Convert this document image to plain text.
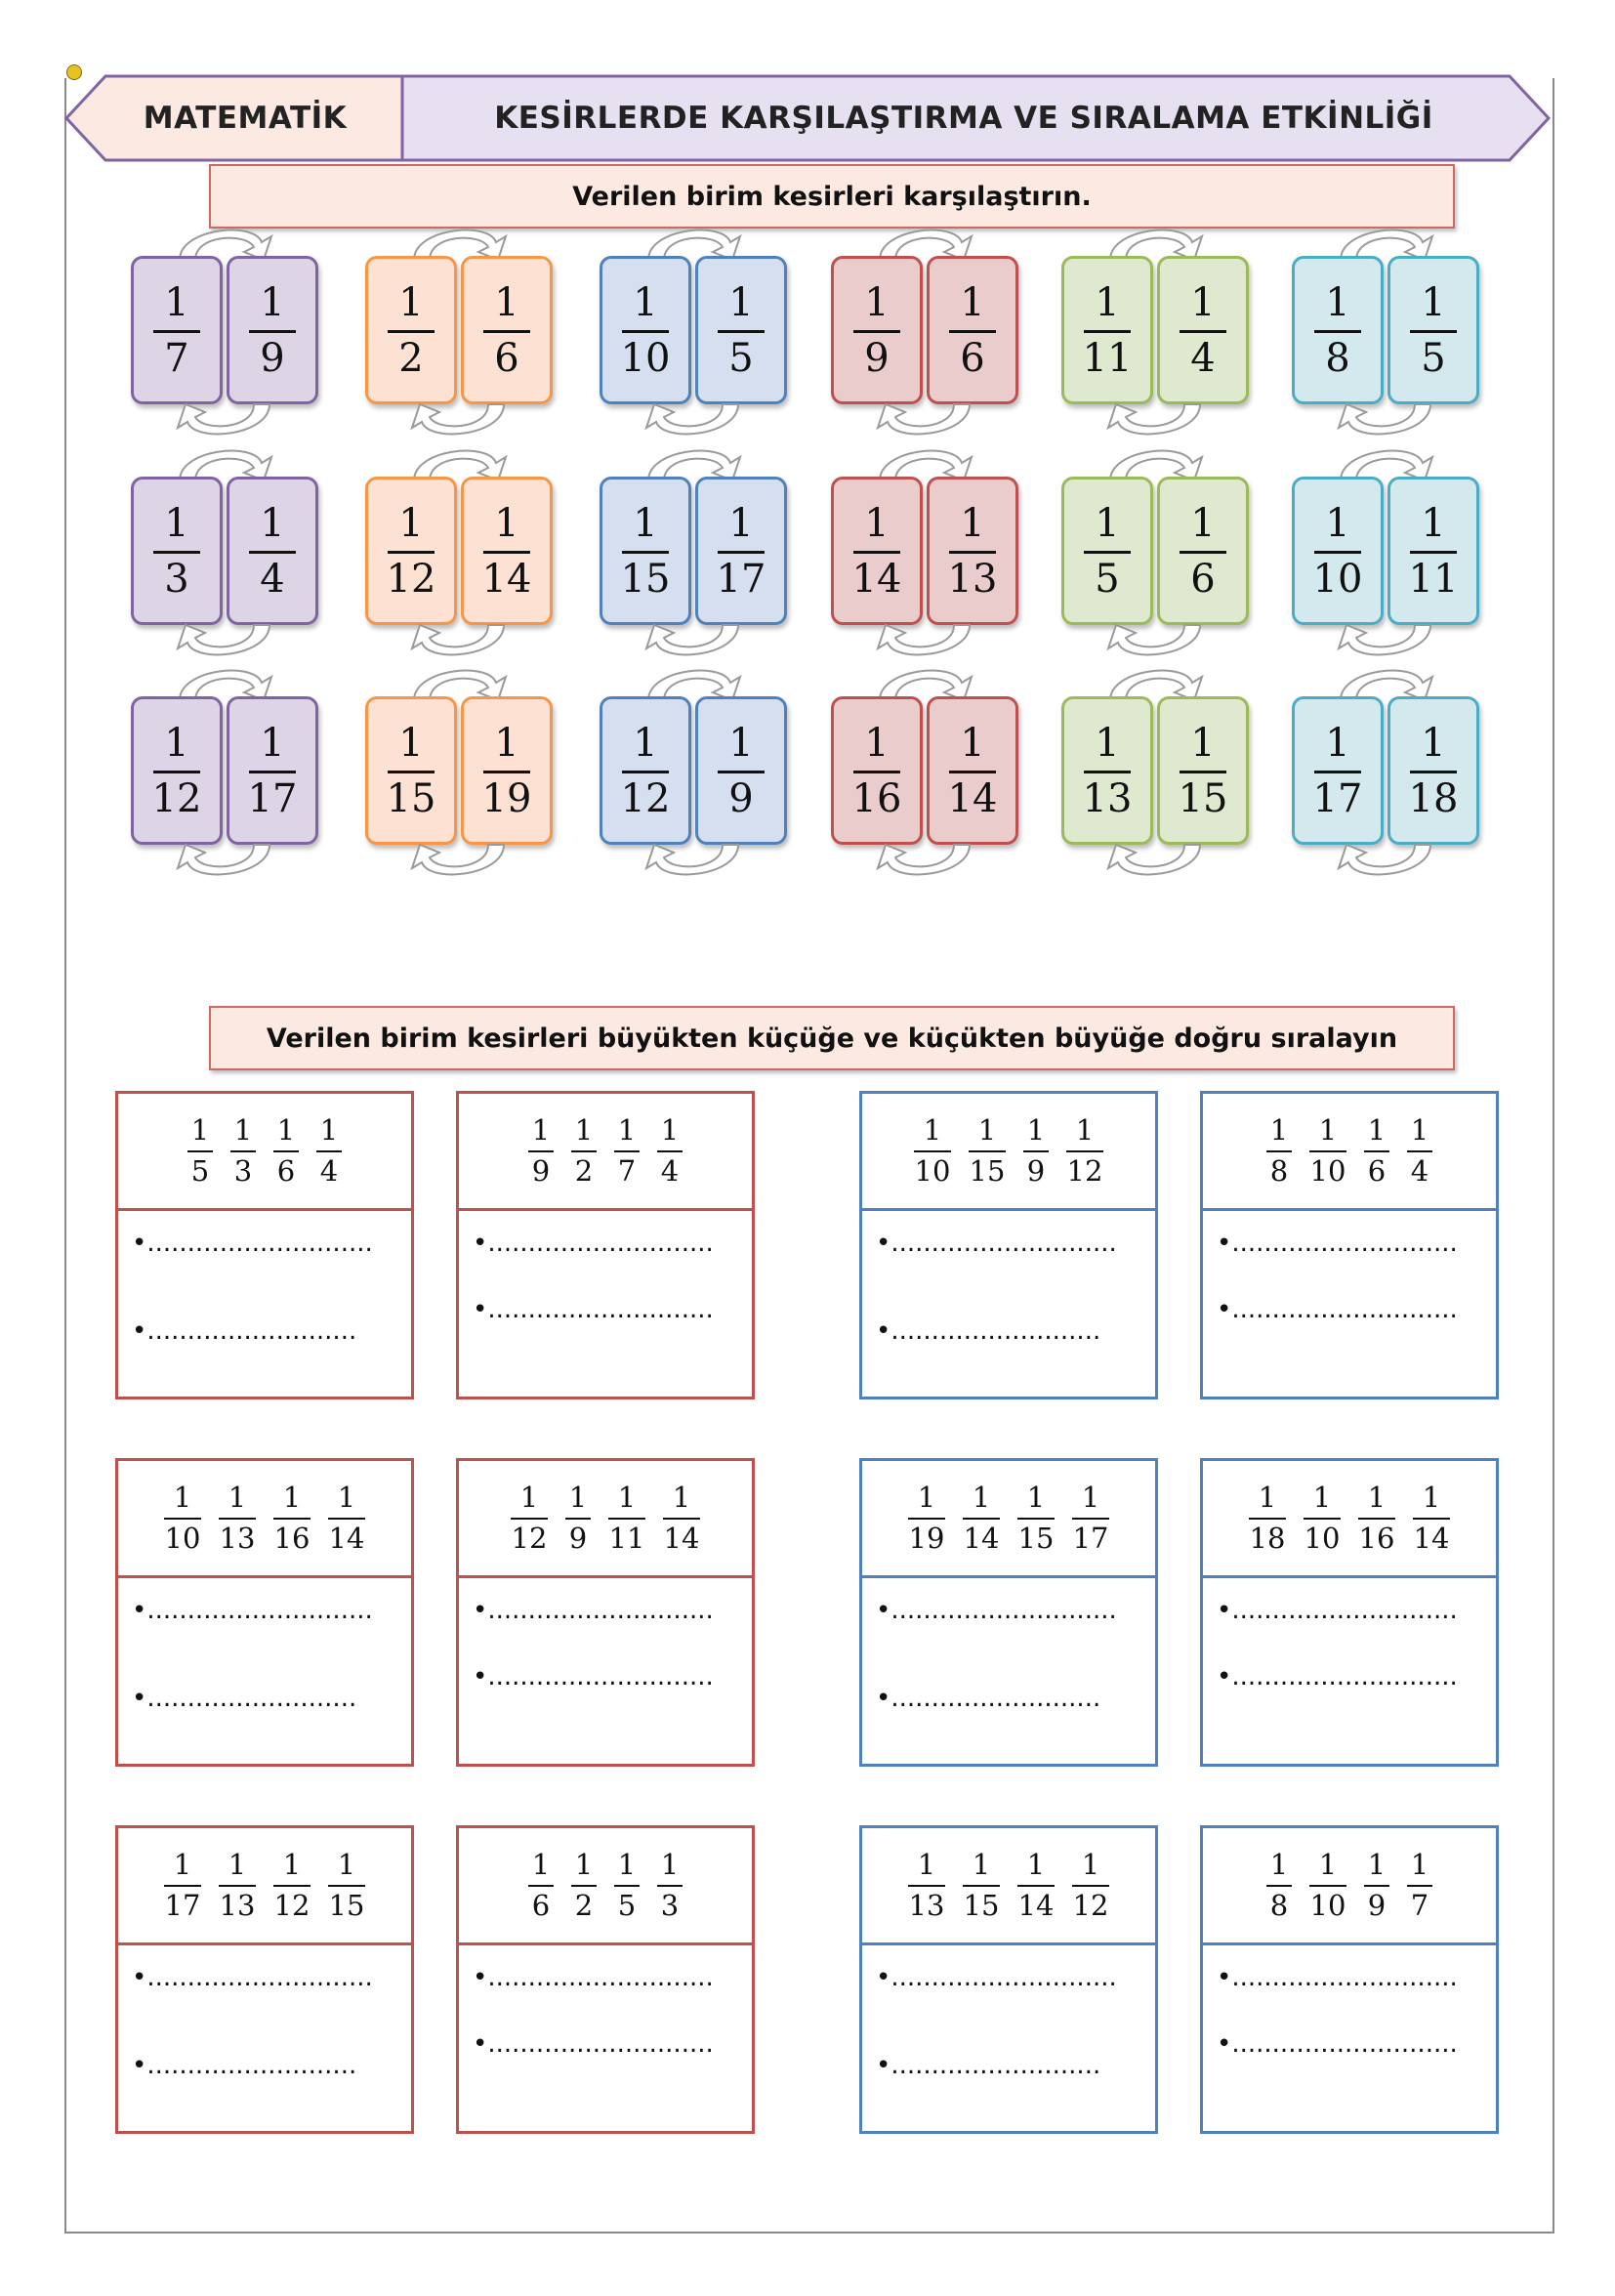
MATEMATİK	KESİRLERDE KARŞILAŞTIRMA VE SIRALAMA ETKİNLİĞİ
Verilen birim kesirleri karşılaştırın.
$\frac{1}{7} \frac{1}{9} \frac{1}{2} \frac{1}{6} \frac{1}{10} \frac{1}{5} \frac{1}{9} \frac{1}{6} \frac{1}{11} \frac{1}{4} \frac{1}{8} \frac{1}{5}$
$\frac{1}{3} \frac{1}{4} \frac{1}{12} \frac{1}{14} \frac{1}{15} \frac{1}{17} \frac{1}{14} \frac{1}{13} \frac{1}{5} \frac{1}{6} \frac{1}{10} \frac{1}{11}$
$\frac{1}{12} \frac{1}{17} \frac{1}{15} \frac{1}{19} \frac{1}{12} \frac{1}{9} \frac{1}{16} \frac{1}{14} \frac{1}{13} \frac{1}{15} \frac{1}{17} \frac{1}{18}$
Verilen birim kesirleri büyükten küçüğe ve küçükten büyüğe doğru sıralayın
1
5
1
3
1
6
1
4
•............................
•..........................
1
9
1
2
1
7
1
4
•............................
•............................
1
10
1
15
1
9
1
12
•............................
•..........................
1
8
1
10
1
6
1
4
•............................
•............................
1
10
1
13
1
16
1
14
•............................
•..........................
1
12
1
9
1
11
1
14
•............................
•............................
1
19
1
14
1
15
1
17
•............................
•..........................
1
18
1
10
1
16
1
14
•............................
•............................
1
17
1
13
1
12
1
15
•............................
•..........................
1
6
1
2
1
5
1
3
•............................
•............................
1
13
1
15
1
14
1
12
•............................
•..........................
1
8
1
10
1
9
1
7
•............................
•............................
